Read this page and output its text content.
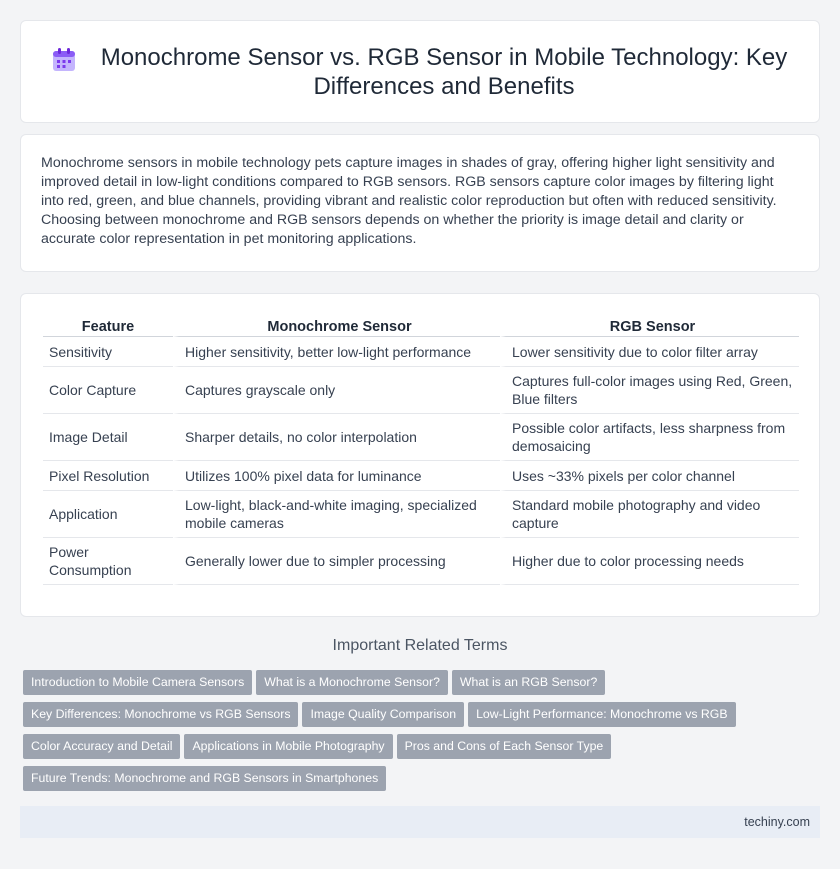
Monochrome Sensor vs. RGB Sensor in Mobile Technology: Key Differences and Benefits

Monochrome sensors in mobile technology pets capture images in shades of gray, offering higher light sensitivity and improved detail in low-light conditions compared to RGB sensors. RGB sensors capture color images by filtering light into red, green, and blue channels, providing vibrant and realistic color reproduction but often with reduced sensitivity. Choosing between monochrome and RGB sensors depends on whether the priority is image detail and clarity or accurate color representation in pet monitoring applications.

Feature	Monochrome Sensor	RGB Sensor
Sensitivity	Higher sensitivity, better low-light performance	Lower sensitivity due to color filter array
Color Capture	Captures grayscale only	Captures full-color images using Red, Green, Blue filters
Image Detail	Sharper details, no color interpolation	Possible color artifacts, less sharpness from demosaicing
Pixel Resolution	Utilizes 100% pixel data for luminance	Uses ~33% pixels per color channel
Application	Low-light, black-and-white imaging, specialized mobile cameras	Standard mobile photography and video capture
Power Consumption	Generally lower due to simpler processing	Higher due to color processing needs
Important Related Terms
Introduction to Mobile Camera Sensors What is a Monochrome Sensor? What is an RGB Sensor?
Key Differences: Monochrome vs RGB Sensors Image Quality Comparison Low-Light Performance: Monochrome vs RGB
Color Accuracy and Detail Applications in Mobile Photography Pros and Cons of Each Sensor Type
Future Trends: Monochrome and RGB Sensors in Smartphones
techiny.com
